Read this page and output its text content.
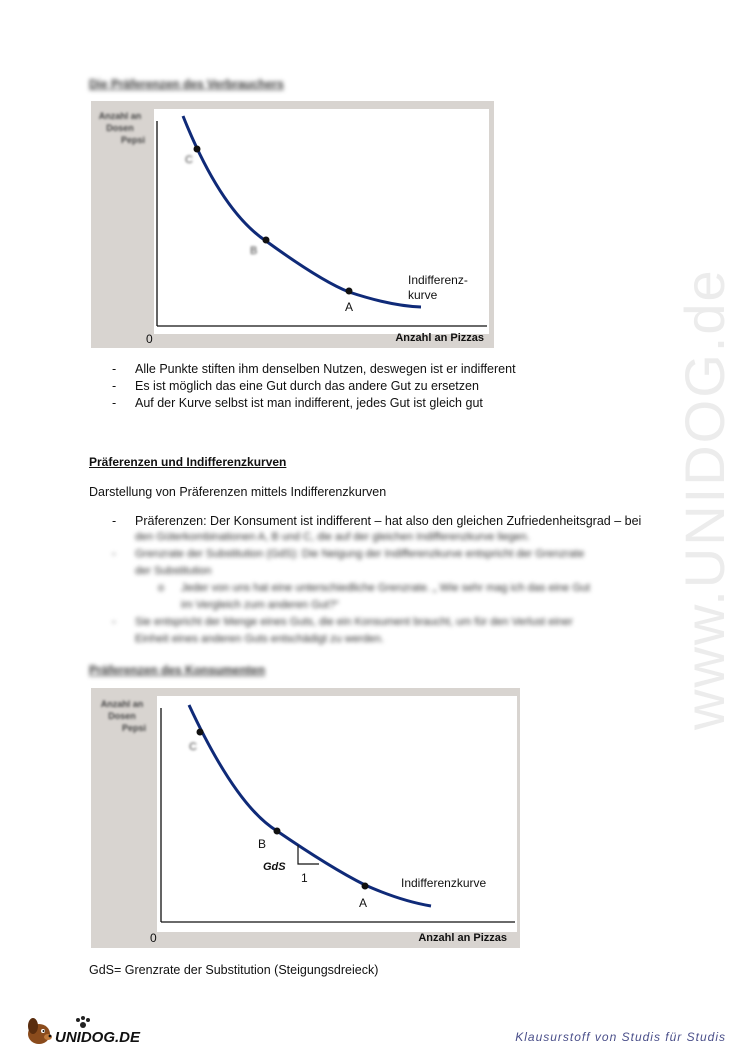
www.UNIDOG.de
Die Präferenzen des Verbrauchers
Anzahl an
Dosen
Pepsi
C
B
A
Indifferenz-
kurve
0	Anzahl an Pizzas
- Alle Punkte stiften ihm denselben Nutzen, deswegen ist er indifferent
- Es ist möglich das eine Gut durch das andere Gut zu ersetzen
- Auf der Kurve selbst ist man indifferent, jedes Gut ist gleich gut
Präferenzen und Indifferenzkurven
Darstellung von Präferenzen mittels Indifferenzkurven
- Präferenzen: Der Konsument ist indifferent – hat also den gleichen Zufriedenheitsgrad – bei
den Güterkombinationen A, B und C, die auf der gleichen Indifferenzkurve liegen.
- Grenzrate der Substitution (GdS): Die Neigung der Indifferenzkurve entspricht der Grenzrate
der Substitution
o Jeder von uns hat eine unterschiedliche Grenzrate. „ Wie sehr mag ich das eine Gut
im Vergleich zum anderen Gut?“
- Sie entspricht der Menge eines Guts, die ein Konsument braucht, um für den Verlust einer
Einheit eines anderen Guts entschädigt zu werden.
Präferenzen des Konsumenten
Anzahl an
Dosen
Pepsi
C
B
GdS
1
A
Indifferenzkurve
0	Anzahl an Pizzas
GdS= Grenzrate der Substitution (Steigungsdreieck)
UNIDOG.DE	Klausurstoff von Studis für Studis
